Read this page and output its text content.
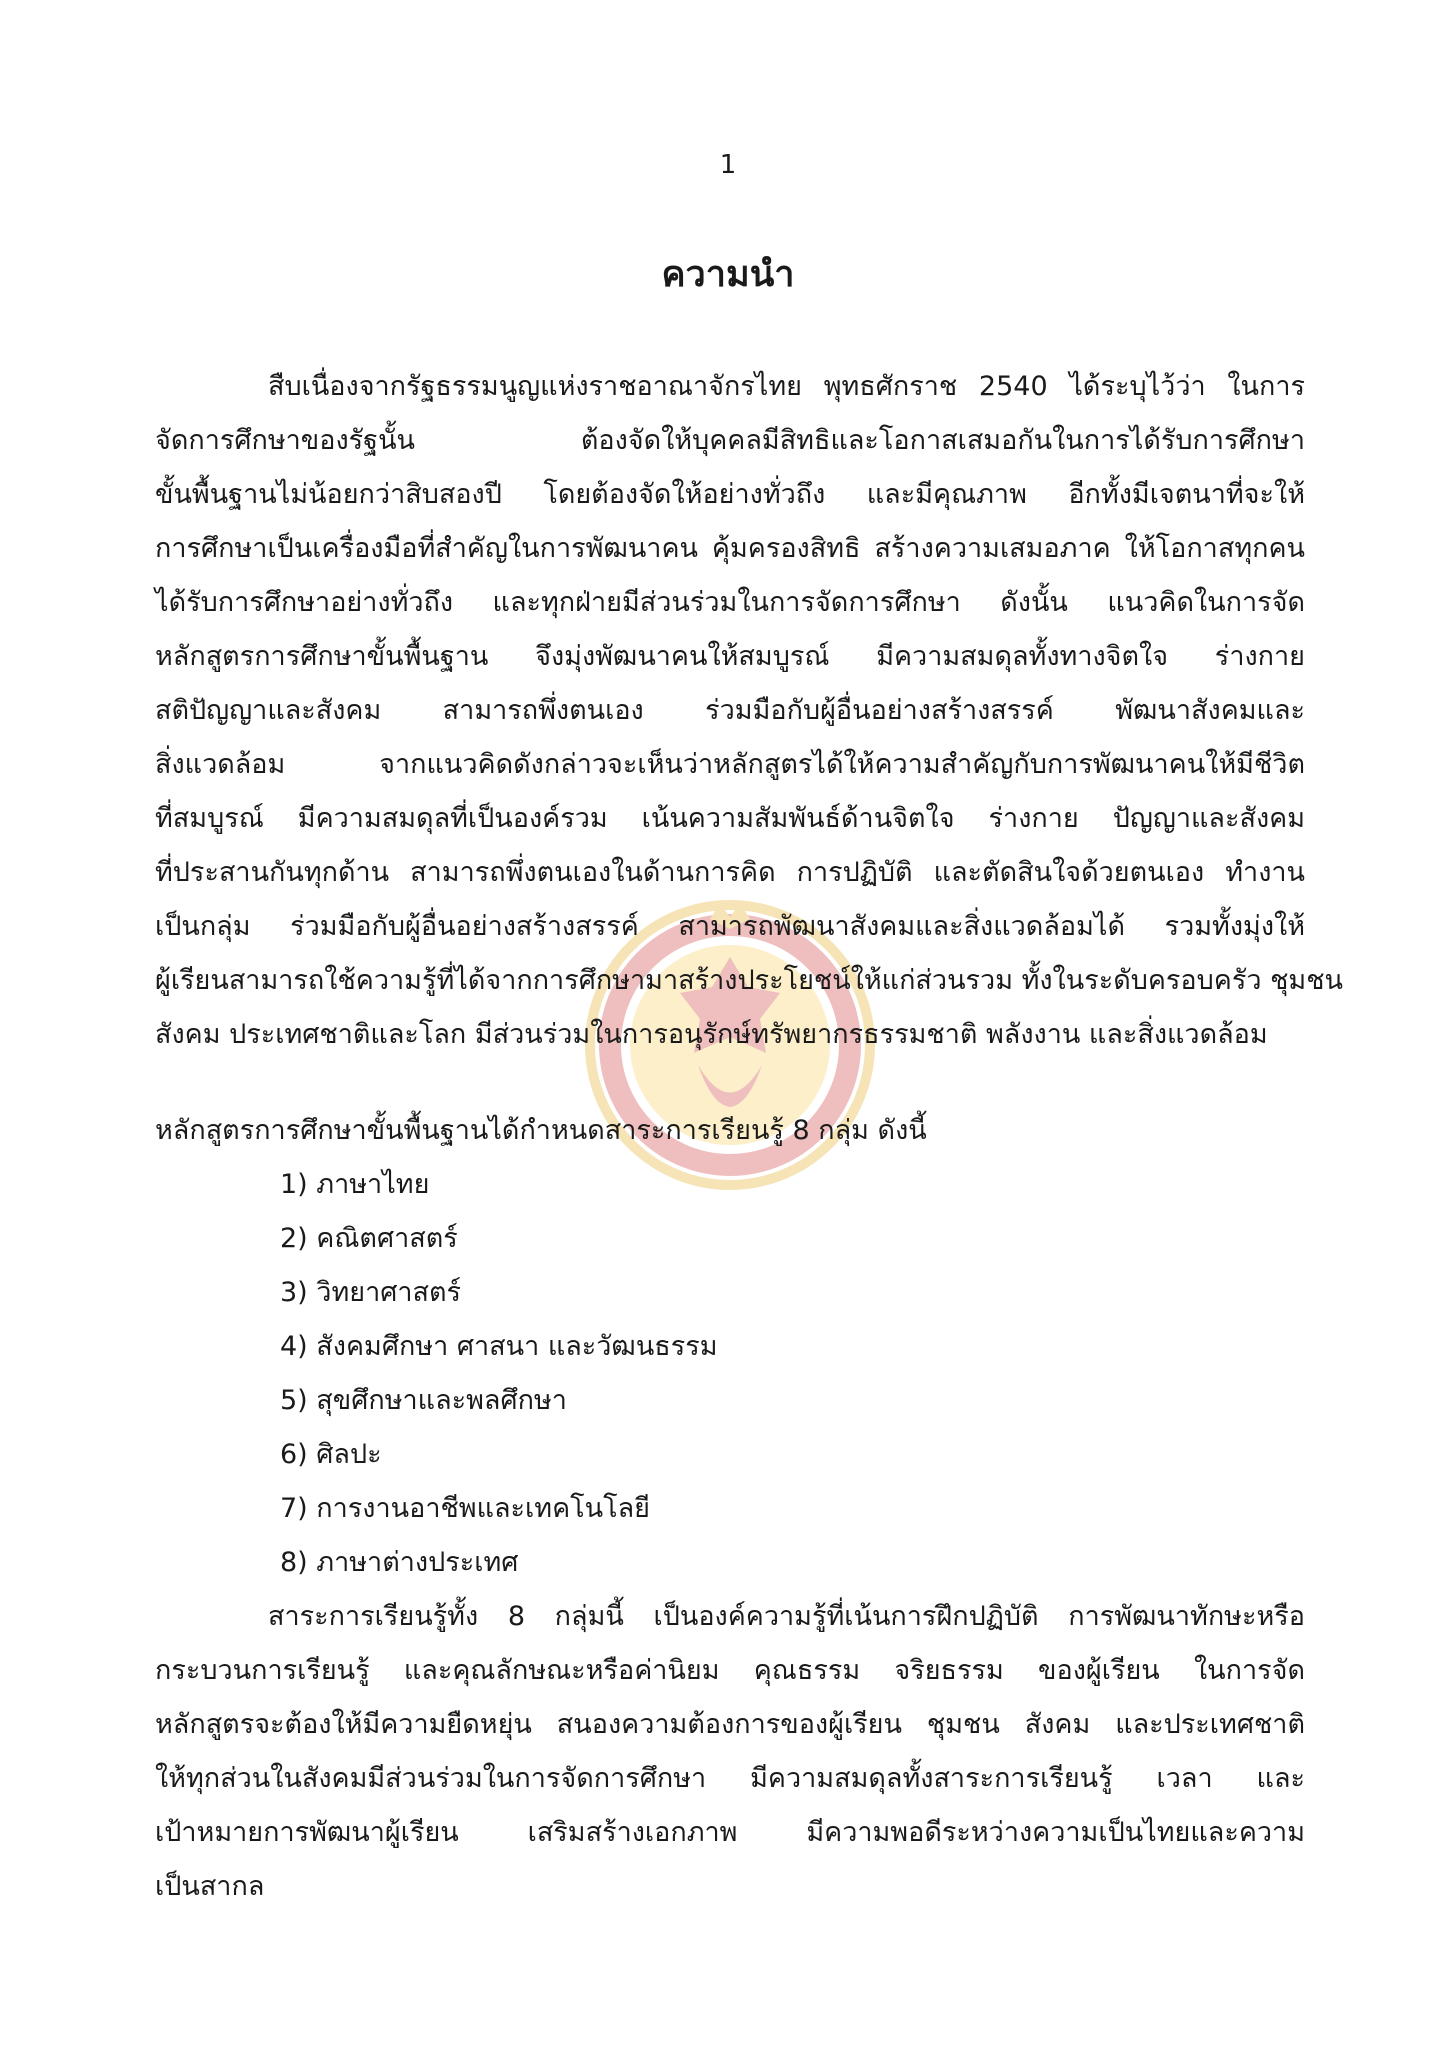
1
ความนำ
สืบเนื่องจากรัฐธรรมนูญแห่งราชอาณาจักรไทย พุทธศักราช 2540 ได้ระบุไว้ว่า ในการ
จัดการศึกษาของรัฐนั้น ต้องจัดให้บุคคลมีสิทธิและโอกาสเสมอกันในการได้รับการศึกษา
ขั้นพื้นฐานไม่น้อยกว่าสิบสองปี โดยต้องจัดให้อย่างทั่วถึง และมีคุณภาพ อีกทั้งมีเจตนาที่จะให้
การศึกษาเป็นเครื่องมือที่สำคัญในการพัฒนาคน คุ้มครองสิทธิ สร้างความเสมอภาค ให้โอกาสทุกคน
ได้รับการศึกษาอย่างทั่วถึง และทุกฝ่ายมีส่วนร่วมในการจัดการศึกษา ดังนั้น แนวคิดในการจัด
หลักสูตรการศึกษาขั้นพื้นฐาน จึงมุ่งพัฒนาคนให้สมบูรณ์ มีความสมดุลทั้งทางจิตใจ ร่างกาย
สติปัญญาและสังคม สามารถพึ่งตนเอง ร่วมมือกับผู้อื่นอย่างสร้างสรรค์ พัฒนาสังคมและ
สิ่งแวดล้อม จากแนวคิดดังกล่าวจะเห็นว่าหลักสูตรได้ให้ความสำคัญกับการพัฒนาคนให้มีชีวิต
ที่สมบูรณ์ มีความสมดุลที่เป็นองค์รวม เน้นความสัมพันธ์ด้านจิตใจ ร่างกาย ปัญญาและสังคม
ที่ประสานกันทุกด้าน สามารถพึ่งตนเองในด้านการคิด การปฏิบัติ และตัดสินใจด้วยตนเอง ทำงาน
เป็นกลุ่ม ร่วมมือกับผู้อื่นอย่างสร้างสรรค์ สามารถพัฒนาสังคมและสิ่งแวดล้อมได้ รวมทั้งมุ่งให้
ผู้เรียนสามารถใช้ความรู้ที่ได้จากการศึกษามาสร้างประโยชน์ให้แก่ส่วนรวม ทั้งในระดับครอบครัว ชุมชน
สังคม ประเทศชาติและโลก มีส่วนร่วมในการอนุรักษ์ทรัพยากรธรรมชาติ พลังงาน และสิ่งแวดล้อม
หลักสูตรการศึกษาขั้นพื้นฐานได้กำหนดสาระการเรียนรู้ 8 กลุ่ม ดังนี้
1) ภาษาไทย
2) คณิตศาสตร์
3) วิทยาศาสตร์
4) สังคมศึกษา ศาสนา และวัฒนธรรม
5) สุขศึกษาและพลศึกษา
6) ศิลปะ
7) การงานอาชีพและเทคโนโลยี
8) ภาษาต่างประเทศ
สาระการเรียนรู้ทั้ง 8 กลุ่มนี้ เป็นองค์ความรู้ที่เน้นการฝึกปฏิบัติ การพัฒนาทักษะหรือ
กระบวนการเรียนรู้ และคุณลักษณะหรือค่านิยม คุณธรรม จริยธรรม ของผู้เรียน ในการจัด
หลักสูตรจะต้องให้มีความยืดหยุ่น สนองความต้องการของผู้เรียน ชุมชน สังคม และประเทศชาติ
ให้ทุกส่วนในสังคมมีส่วนร่วมในการจัดการศึกษา มีความสมดุลทั้งสาระการเรียนรู้ เวลา และ
เป้าหมายการพัฒนาผู้เรียน เสริมสร้างเอกภาพ มีความพอดีระหว่างความเป็นไทยและความ
เป็นสากล
